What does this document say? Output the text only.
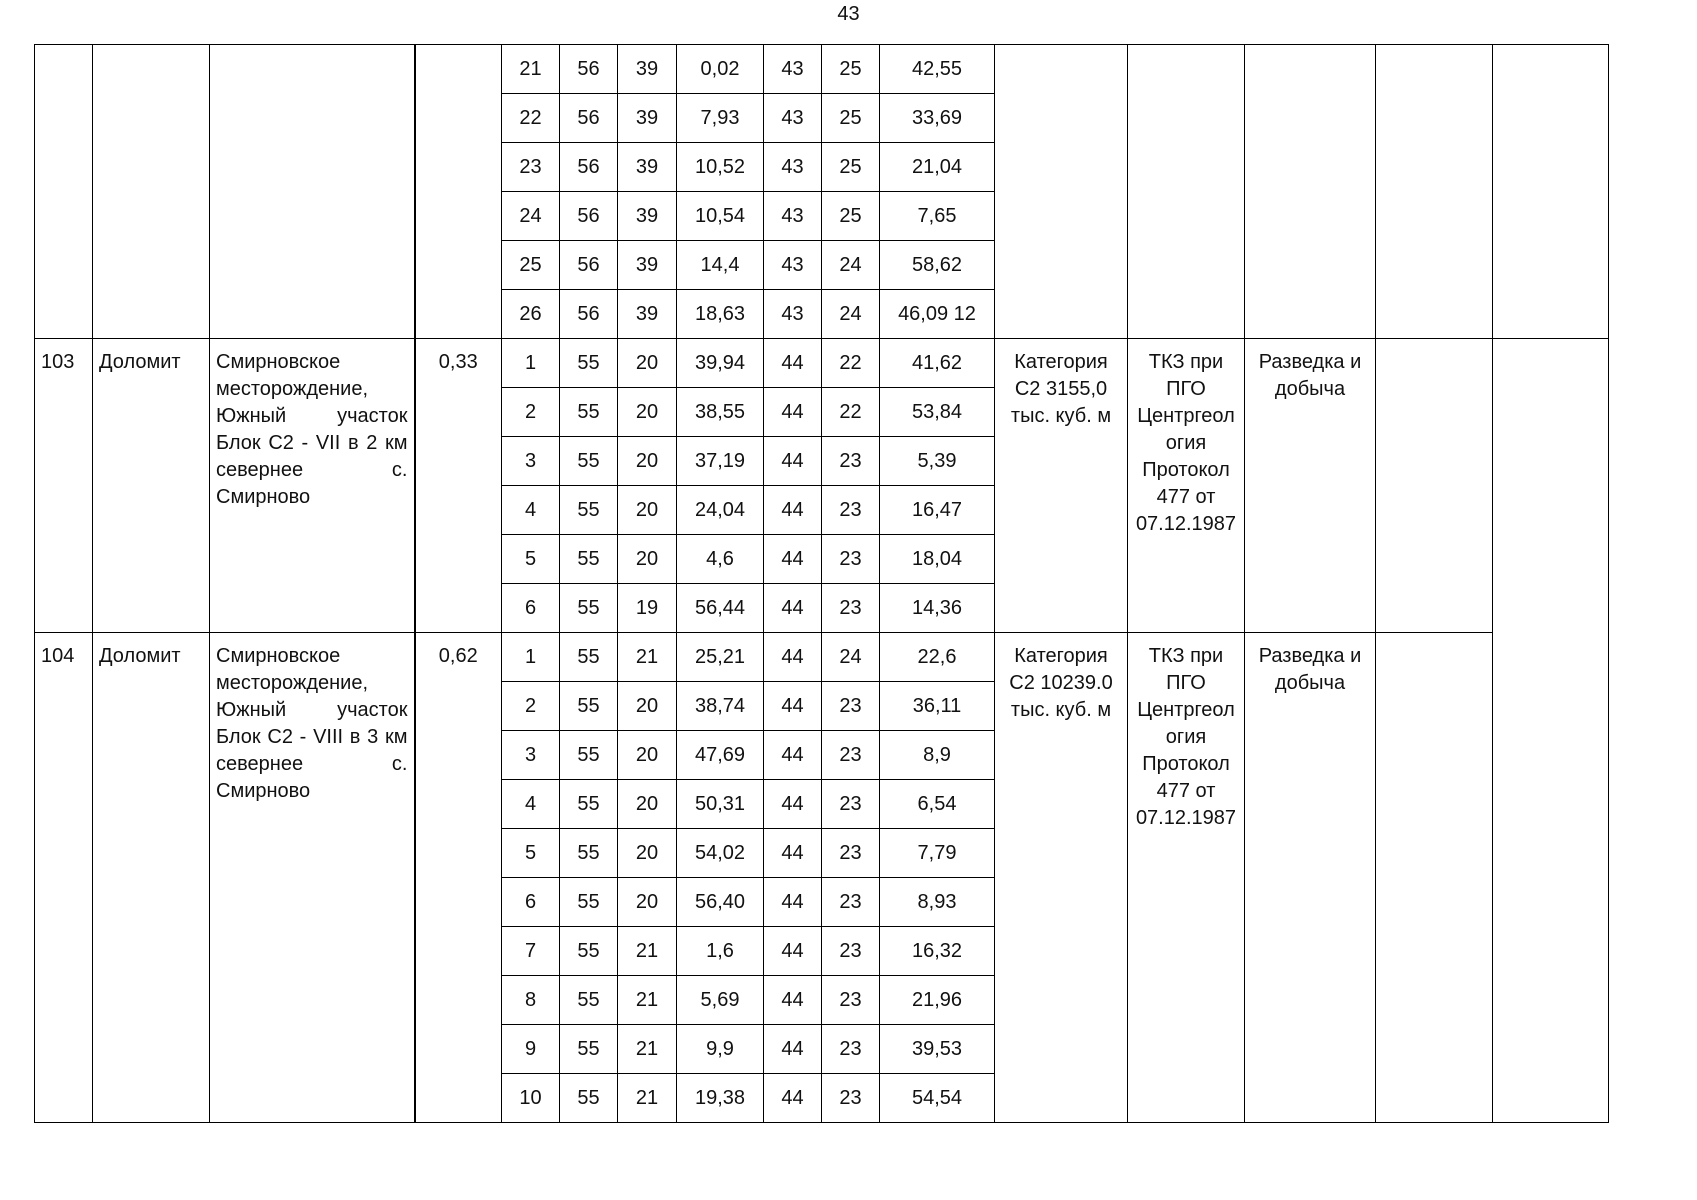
43
				21	56	39	0,02	43	25	42,55					
				22	56	39	7,93	43	25	33,69					
				23	56	39	10,52	43	25	21,04					
				24	56	39	10,54	43	25	7,65					
				25	56	39	14,4	43	24	58,62					
				26	56	39	18,63	43	24	46,09 12					
103	Доломит	Смирновское месторождение, Южный участок Блок С2 - VII в 2 км севернее с. Смирново	0,33	1	55	20	39,94	44	22	41,62	Категория С2 3155,0 тыс. куб. м	ТКЗ при ПГО Центргеол огия Протокол 477 от 07.12.1987	Разведка и добыча		
				2	55	20	38,55	44	22	53,84					
				3	55	20	37,19	44	23	5,39					
				4	55	20	24,04	44	23	16,47					
				5	55	20	4,6	44	23	18,04					
				6	55	19	56,44	44	23	14,36					
104	Доломит	Смирновское месторождение, Южный участок Блок С2 - VIII в 3 км севернее с. Смирново	0,62	1	55	21	25,21	44	24	22,6	Категория С2 10239.0 тыс. куб. м	ТКЗ при ПГО Центргеол огия Протокол 477 от 07.12.1987	Разведка и добыча		
				2	55	20	38,74	44	23	36,11					
				3	55	20	47,69	44	23	8,9					
				4	55	20	50,31	44	23	6,54					
				5	55	20	54,02	44	23	7,79					
				6	55	20	56,40	44	23	8,93					
				7	55	21	1,6	44	23	16,32					
				8	55	21	5,69	44	23	21,96					
				9	55	21	9,9	44	23	39,53					
				10	55	21	19,38	44	23	54,54					
